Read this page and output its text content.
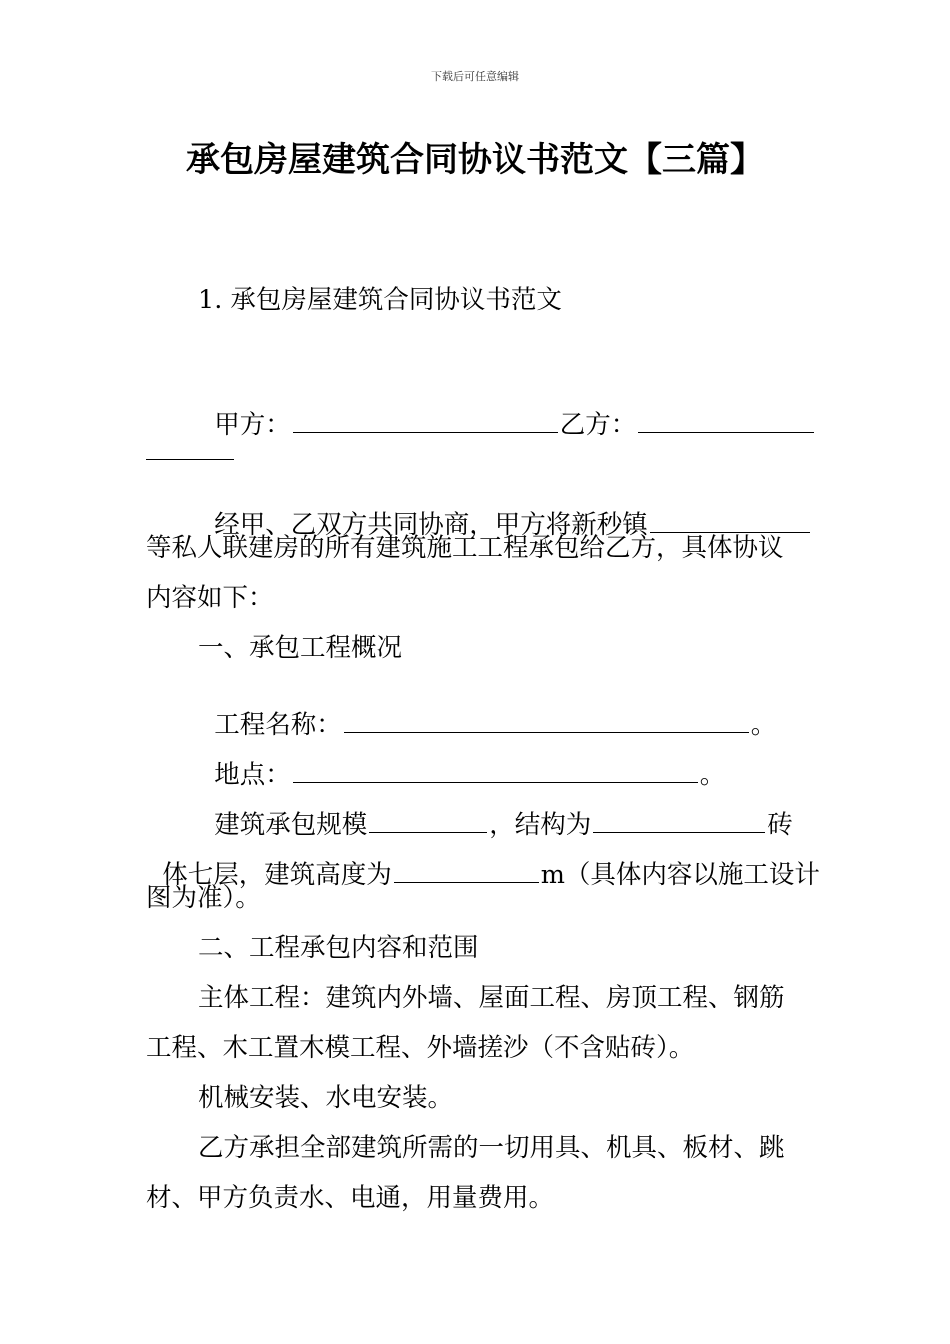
下载后可任意编辑
承包房屋建筑合同协议书范文【三篇】
1. 承包房屋建筑合同协议书范文

甲方：	乙方：

经甲、乙双方共同协商，甲方将新秒镇

等私人联建房的所有建筑施工工程承包给乙方，具体协议
内容如下：
一、承包工程概况

工程名称：	。

地点：	。

建筑承包规模	，结构为	砖

体七层，建筑高度为	m（具体内容以施工设计

图为准）。
二、工程承包内容和范围
主体工程：建筑内外墙、屋面工程、房顶工程、钢筋
工程、木工置木模工程、外墙搓沙（不含贴砖）。
机械安装、水电安装。
乙方承担全部建筑所需的一切用具、机具、板材、跳
材、甲方负责水、电通，用量费用。
